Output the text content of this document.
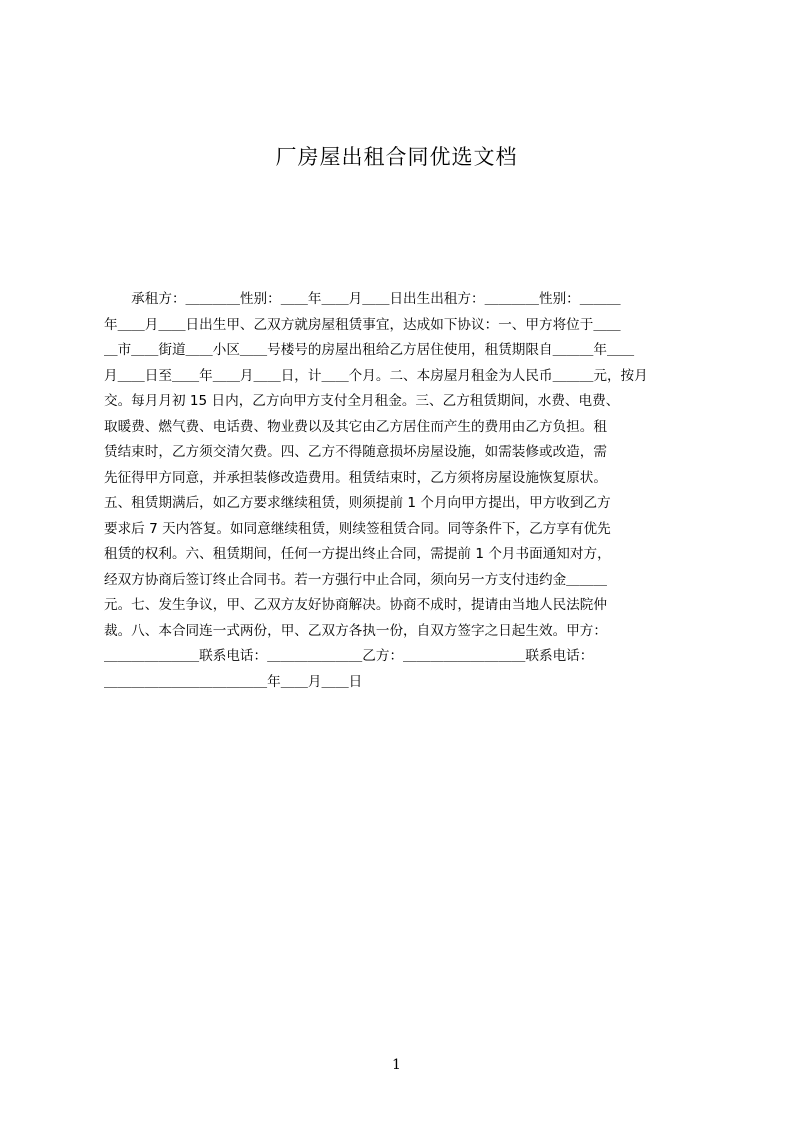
厂房屋出租合同优选文档
　　承租方：＿＿＿＿性别：＿＿年＿＿月＿＿日出生出租方：＿＿＿＿性别：＿＿＿
年＿＿月＿＿日出生甲、乙双方就房屋租赁事宜，达成如下协议：一、甲方将位于＿＿
＿市＿＿街道＿＿小区＿＿号楼号的房屋出租给乙方居住使用，租赁期限自＿＿＿年＿＿
月＿＿日至＿＿年＿＿月＿＿日，计＿＿个月。二、本房屋月租金为人民币＿＿＿元，按月
交。每月月初 15 日内，乙方向甲方支付全月租金。三、乙方租赁期间，水费、电费、
取暖费、燃气费、电话费、物业费以及其它由乙方居住而产生的费用由乙方负担。租
赁结束时，乙方须交清欠费。四、乙方不得随意损坏房屋设施，如需装修或改造，需
先征得甲方同意，并承担装修改造费用。租赁结束时，乙方须将房屋设施恢复原状。
五、租赁期满后，如乙方要求继续租赁，则须提前 1 个月向甲方提出，甲方收到乙方
要求后 7 天内答复。如同意继续租赁，则续签租赁合同。同等条件下，乙方享有优先
租赁的权利。六、租赁期间，任何一方提出终止合同，需提前 1 个月书面通知对方，
经双方协商后签订终止合同书。若一方强行中止合同，须向另一方支付违约金＿＿＿
元。七、发生争议，甲、乙双方友好协商解决。协商不成时，提请由当地人民法院仲
裁。八、本合同连一式两份，甲、乙双方各执一份，自双方签字之日起生效。甲方：
＿＿＿＿＿＿＿联系电话：＿＿＿＿＿＿＿乙方：＿＿＿＿＿＿＿＿＿联系电话：
＿＿＿＿＿＿＿＿＿＿＿＿年＿＿月＿＿日
1
